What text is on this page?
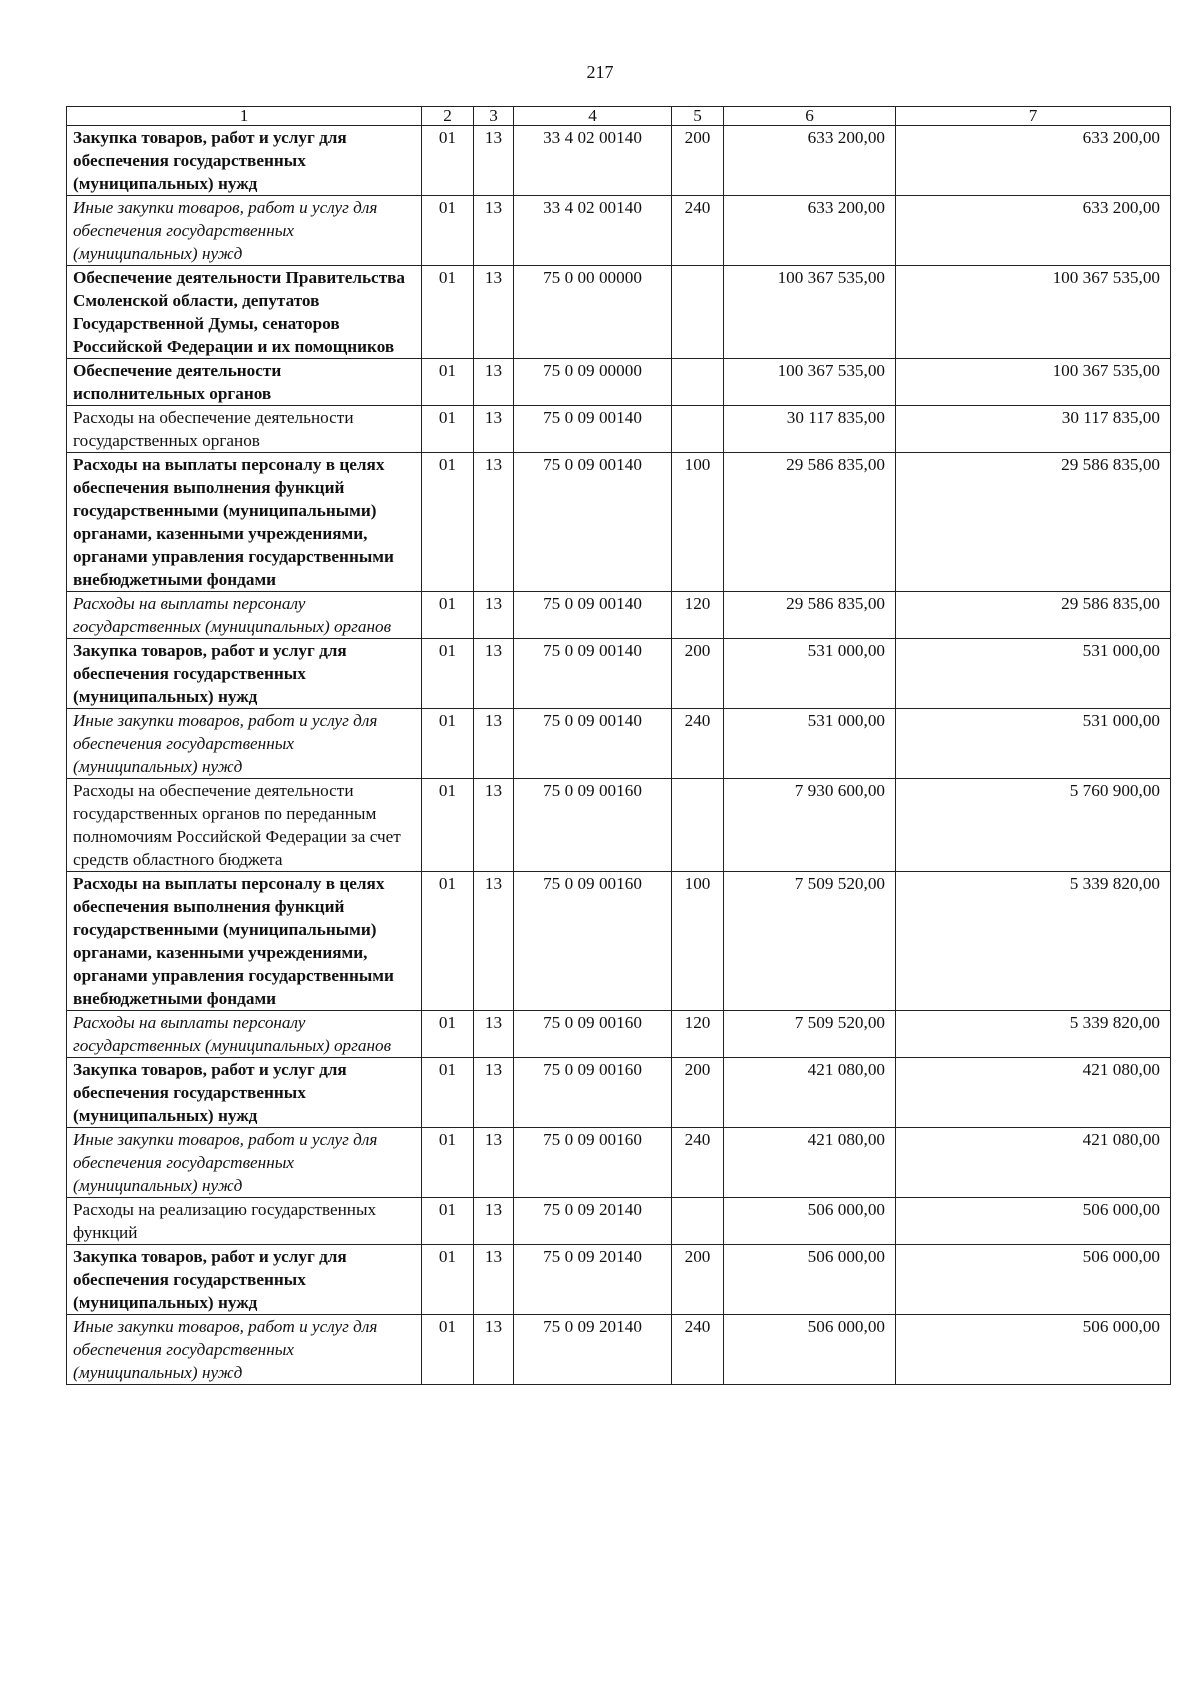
217
1	2	3	4	5	6	7
Закупка товаров, работ и услуг для обеспечения государственных (муниципальных) нужд	01	13	33 4 02 00140	200	633 200,00	633 200,00
Иные закупки товаров, работ и услуг для обеспечения государственных (муниципальных) нужд	01	13	33 4 02 00140	240	633 200,00	633 200,00
Обеспечение деятельности Правительства Смоленской области, депутатов Государственной Думы, сенаторов Российской Федерации и их помощников	01	13	75 0 00 00000		100 367 535,00	100 367 535,00
Обеспечение деятельности исполнительных органов	01	13	75 0 09 00000		100 367 535,00	100 367 535,00
Расходы на обеспечение деятельности государственных органов	01	13	75 0 09 00140		30 117 835,00	30 117 835,00
Расходы на выплаты персоналу в целях обеспечения выполнения функций государственными (муниципальными) органами, казенными учреждениями, органами управления государственными внебюджетными фондами	01	13	75 0 09 00140	100	29 586 835,00	29 586 835,00
Расходы на выплаты персоналу государственных (муниципальных) органов	01	13	75 0 09 00140	120	29 586 835,00	29 586 835,00
Закупка товаров, работ и услуг для обеспечения государственных (муниципальных) нужд	01	13	75 0 09 00140	200	531 000,00	531 000,00
Иные закупки товаров, работ и услуг для обеспечения государственных (муниципальных) нужд	01	13	75 0 09 00140	240	531 000,00	531 000,00
Расходы на обеспечение деятельности государственных органов по переданным полномочиям Российской Федерации за счет средств областного бюджета	01	13	75 0 09 00160		7 930 600,00	5 760 900,00
Расходы на выплаты персоналу в целях обеспечения выполнения функций государственными (муниципальными) органами, казенными учреждениями, органами управления государственными внебюджетными фондами	01	13	75 0 09 00160	100	7 509 520,00	5 339 820,00
Расходы на выплаты персоналу государственных (муниципальных) органов	01	13	75 0 09 00160	120	7 509 520,00	5 339 820,00
Закупка товаров, работ и услуг для обеспечения государственных (муниципальных) нужд	01	13	75 0 09 00160	200	421 080,00	421 080,00
Иные закупки товаров, работ и услуг для обеспечения государственных (муниципальных) нужд	01	13	75 0 09 00160	240	421 080,00	421 080,00
Расходы на реализацию государственных функций	01	13	75 0 09 20140		506 000,00	506 000,00
Закупка товаров, работ и услуг для обеспечения государственных (муниципальных) нужд	01	13	75 0 09 20140	200	506 000,00	506 000,00
Иные закупки товаров, работ и услуг для обеспечения государственных (муниципальных) нужд	01	13	75 0 09 20140	240	506 000,00	506 000,00
